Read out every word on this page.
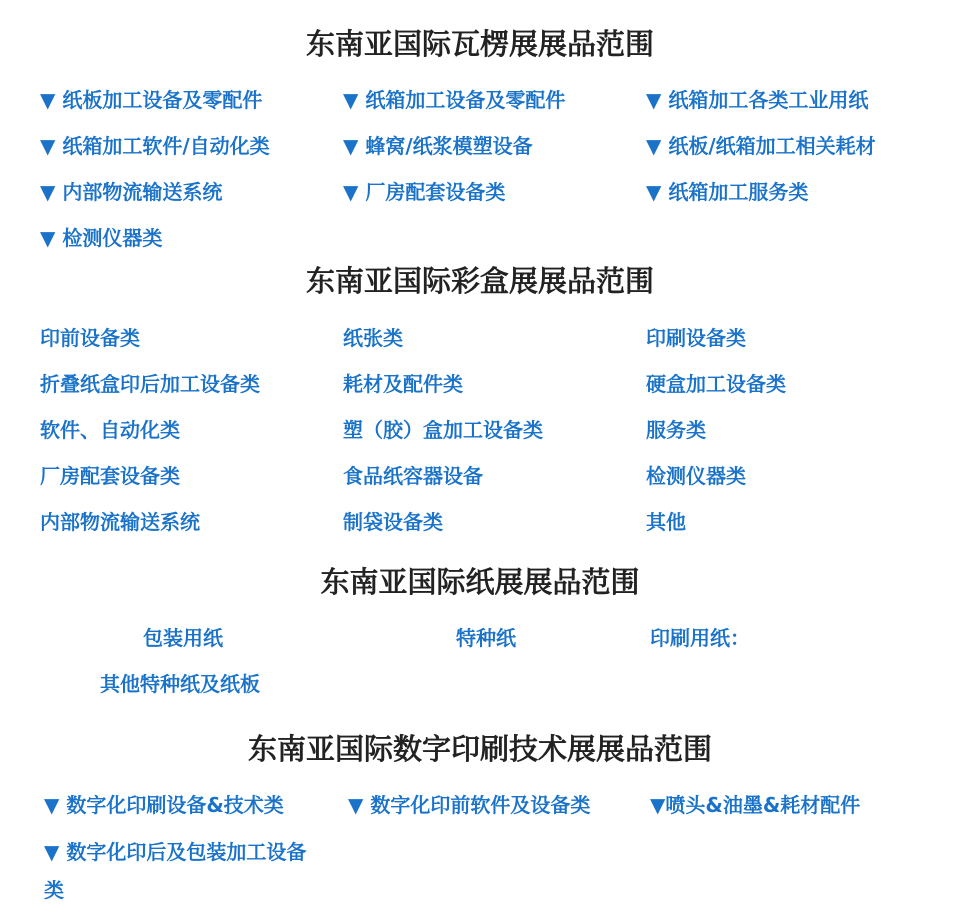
东南亚国际瓦楞展展品范围
▼ 纸板加工设备及零配件	▼ 纸箱加工设备及零配件	▼ 纸箱加工各类工业用纸
▼ 纸箱加工软件/自动化类	▼ 蜂窝/纸浆模塑设备	▼ 纸板/纸箱加工相关耗材
▼ 内部物流输送系统	▼ 厂房配套设备类	▼ 纸箱加工服务类
▼ 检测仪器类
东南亚国际彩盒展展品范围
印前设备类	纸张类	印刷设备类
折叠纸盒印后加工设备类	耗材及配件类	硬盒加工设备类
软件、自动化类	塑（胶）盒加工设备类	服务类
厂房配套设备类	食品纸容器设备	检测仪器类
内部物流输送系统	制袋设备类	其他
东南亚国际纸展展品范围
包装用纸	特种纸	印刷用纸：
其他特种纸及纸板
东南亚国际数字印刷技术展展品范围
▼ 数字化印刷设备&技术类	▼ 数字化印前软件及设备类	▼喷头&油墨&耗材配件
▼ 数字化印后及包装加工设备类
